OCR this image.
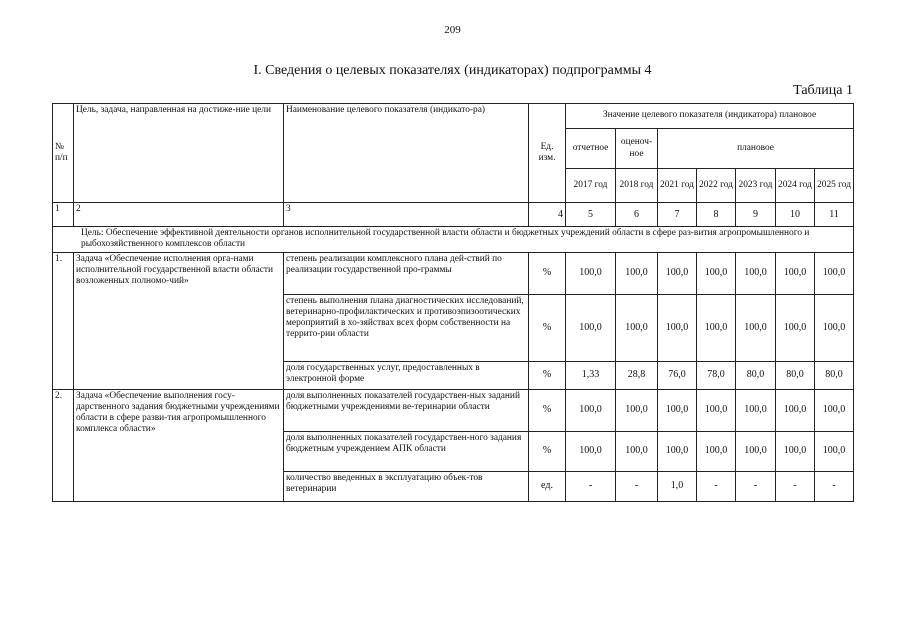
209
I. Сведения о целевых показателях (индикаторах) подпрограммы 4
Таблица 1
№ п/п	Цель, задача, направленная на достиже-ние цели	Наименование целевого показателя (индикато-ра)	Ед. изм.	Значение целевого показателя (индикатора) плановое						
				отчетное	оценоч-ное	плановое				
				2017 год	2018 год	2021 год	2022 год	2023 год	2024 год	2025 год
1	2	3	4	5	6	7	8	9	10	11
Цель: Обеспечение эффективной деятельности органов исполнительной государственной власти области и бюджетных учреждений области в сфере раз-вития агропромышленного и рыбохозяйственного комплексов области										
1.	Задача «Обеспечение исполнения орга-нами исполнительной государственной власти области возложенных полномо-чий»	степень реализации комплексного плана дей-ствий по реализации государственной про-граммы	%	100,0	100,0	100,0	100,0	100,0	100,0	100,0
		степень выполнения плана диагностических исследований, ветеринарно-профилактических и противоэпизоотических мероприятий в хо-зяйствах всех форм собственности на террито-рии области	%	100,0	100,0	100,0	100,0	100,0	100,0	100,0
		доля государственных услуг, предоставленных в электронной форме	%	1,33	28,8	76,0	78,0	80,0	80,0	80,0
2.	Задача «Обеспечение выполнения госу-дарственного задания бюджетными учреждениями области в сфере разви-тия агропромышленного комплекса области»	доля выполненных показателей государствен-ных заданий бюджетными учреждениями ве-теринарии области	%	100,0	100,0	100,0	100,0	100,0	100,0	100,0
		доля выполненных показателей государствен-ного задания бюджетным учреждением АПК области	%	100,0	100,0	100,0	100,0	100,0	100,0	100,0
		количество введенных в эксплуатацию объек-тов ветеринарии	ед.	-	-	1,0	-	-	-	-
